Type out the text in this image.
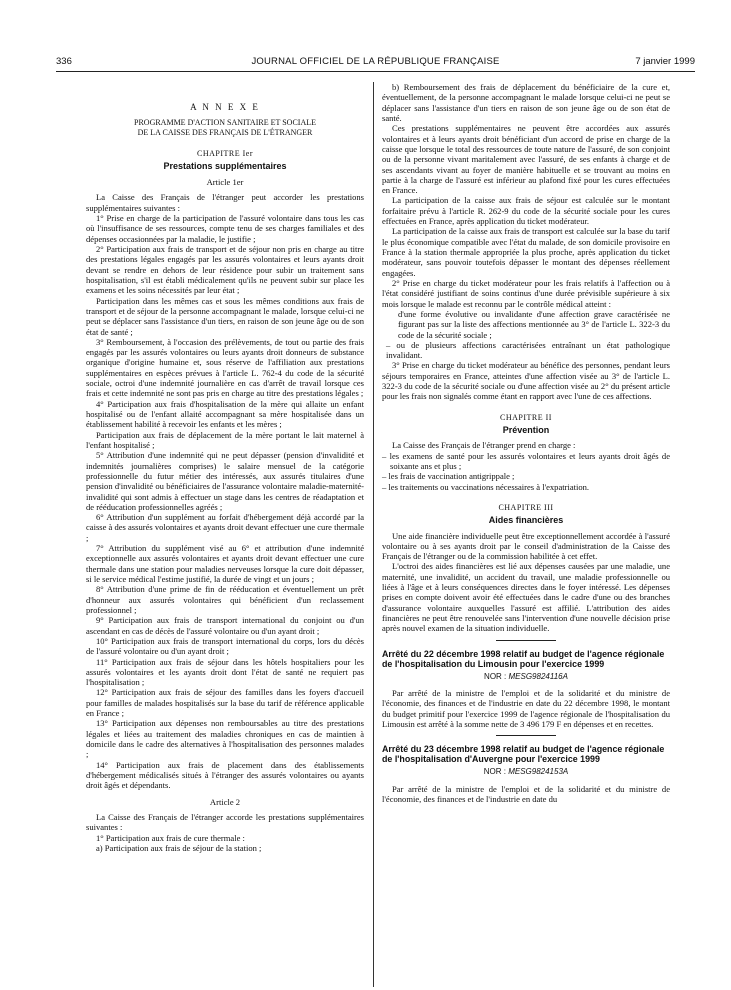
336	JOURNAL OFFICIEL DE LA RÉPUBLIQUE FRANÇAISE	7 janvier 1999

A N N E X E

PROGRAMME D'ACTION SANITAIRE ET SOCIALE

DE LA CAISSE DES FRANÇAIS DE L'ÉTRANGER

CHAPITRE Ier

Prestations supplémentaires

Article 1er

La Caisse des Français de l'étranger peut accorder les prestations supplémentaires suivantes :

1° Prise en charge de la participation de l'assuré volontaire dans tous les cas où l'insuffisance de ses ressources, compte tenu de ses charges familiales et des dépenses occasionnées par la maladie, le justifie ;

2° Participation aux frais de transport et de séjour non pris en charge au titre des prestations légales engagés par les assurés volontaires et leurs ayants droit devant se rendre en dehors de leur résidence pour subir un traitement sans hospitalisation, s'il est établi médicalement qu'ils ne peuvent subir sur place les examens et les soins nécessités par leur état ;

Participation dans les mêmes cas et sous les mêmes conditions aux frais de transport et de séjour de la personne accompagnant le malade, lorsque celui-ci ne peut se déplacer sans l'assistance d'un tiers, en raison de son jeune âge ou de son état de santé ;

3° Remboursement, à l'occasion des prélèvements, de tout ou partie des frais engagés par les assurés volontaires ou leurs ayants droit donneurs de substance organique d'origine humaine et, sous réserve de l'affiliation aux prestations supplémentaires en espèces prévues à l'article L. 762-4 du code de la sécurité sociale, octroi d'une indemnité journalière en cas d'arrêt de travail lorsque ces frais et cette indemnité ne sont pas pris en charge au titre des prestations légales ;

4° Participation aux frais d'hospitalisation de la mère qui allaite un enfant hospitalisé ou de l'enfant allaité accompagnant sa mère hospitalisée dans un établissement habilité à recevoir les enfants et les mères ;

Participation aux frais de déplacement de la mère portant le lait maternel à l'enfant hospitalisé ;

5° Attribution d'une indemnité qui ne peut dépasser (pension d'invalidité et indemnités journalières comprises) le salaire mensuel de la catégorie professionnelle du futur métier des intéressés, aux assurés titulaires d'une pension d'invalidité ou bénéficiaires de l'assurance volontaire maladie-maternité-invalidité qui sont admis à effectuer un stage dans les centres de réadaptation et de rééducation professionnelles agréés ;

6° Attribution d'un supplément au forfait d'hébergement déjà accordé par la caisse à des assurés volontaires et ayants droit devant effectuer une cure thermale ;

7° Attribution du supplément visé au 6° et attribution d'une indemnité exceptionnelle aux assurés volontaires et ayants droit devant effectuer une cure thermale dans une station pour maladies nerveuses lorsque la cure doit dépasser, si le service médical l'estime justifié, la durée de vingt et un jours ;

8° Attribution d'une prime de fin de rééducation et éventuellement un prêt d'honneur aux assurés volontaires qui bénéficient d'un reclassement professionnel ;

9° Participation aux frais de transport international du conjoint ou d'un ascendant en cas de décès de l'assuré volontaire ou d'un ayant droit ;

10° Participation aux frais de transport international du corps, lors du décès de l'assuré volontaire ou d'un ayant droit ;

11° Participation aux frais de séjour dans les hôtels hospitaliers pour les assurés volontaires et les ayants droit dont l'état de santé ne requiert pas l'hospitalisation ;

12° Participation aux frais de séjour des familles dans les foyers d'accueil pour familles de malades hospitalisés sur la base du tarif de référence applicable en France ;

13° Participation aux dépenses non remboursables au titre des prestations légales et liées au traitement des maladies chroniques en cas de maintien à domicile dans le cadre des alternatives à l'hospitalisation des personnes malades ;

14° Participation aux frais de placement dans des établissements d'hébergement médicalisés situés à l'étranger des assurés volontaires ou ayants droit âgés et dépendants.

Article 2

La Caisse des Français de l'étranger accorde les prestations supplémentaires suivantes :

1° Participation aux frais de cure thermale :

a) Participation aux frais de séjour de la station ;

b) Remboursement des frais de déplacement du bénéficiaire de la cure et, éventuellement, de la personne accompagnant le malade lorsque celui-ci ne peut se déplacer sans l'assistance d'un tiers en raison de son jeune âge ou de son état de santé.

Ces prestations supplémentaires ne peuvent être accordées aux assurés volontaires et à leurs ayants droit bénéficiant d'un accord de prise en charge de la caisse que lorsque le total des ressources de toute nature de l'assuré, de son conjoint ou de la personne vivant maritalement avec l'assuré, de ses enfants à charge et de ses ascendants vivant au foyer de manière habituelle et se trouvant au moins en partie à la charge de l'assuré est inférieur au plafond fixé pour les cures effectuées en France.

La participation de la caisse aux frais de séjour est calculée sur le montant forfaitaire prévu à l'article R. 262-9 du code de la sécurité sociale pour les cures effectuées en France, après application du ticket modérateur.

La participation de la caisse aux frais de transport est calculée sur la base du tarif le plus économique compatible avec l'état du malade, de son domicile provisoire en France à la station thermale appropriée la plus proche, après application du ticket modérateur, sans pouvoir toutefois dépasser le montant des dépenses réellement engagées.

2° Prise en charge du ticket modérateur pour les frais relatifs à l'affection ou à l'état considéré justifiant de soins continus d'une durée prévisible supérieure à six mois lorsque le malade est reconnu par le contrôle médical atteint :

d'une forme évolutive ou invalidante d'une affection grave caractérisée ne figurant pas sur la liste des affections mentionnée au 3° de l'article L. 322-3 du code de la sécurité sociale ;

– ou de plusieurs affections caractérisées entraînant un état pathologique invalidant.

3° Prise en charge du ticket modérateur au bénéfice des personnes, pendant leurs séjours temporaires en France, atteintes d'une affection visée au 3° de l'article L. 322-3 du code de la sécurité sociale ou d'une affection visée au 2° du présent article pour les frais non signalés comme étant en rapport avec l'une de ces affections.

CHAPITRE II

Prévention

La Caisse des Français de l'étranger prend en charge :

– les examens de santé pour les assurés volontaires et leurs ayants droit âgés de soixante ans et plus ;

– les frais de vaccination antigrippale ;

– les traitements ou vaccinations nécessaires à l'expatriation.

CHAPITRE III

Aides financières

Une aide financière individuelle peut être exceptionnellement accordée à l'assuré volontaire ou à ses ayants droit par le conseil d'administration de la Caisse des Français de l'étranger ou de la commission habilitée à cet effet.

L'octroi des aides financières est lié aux dépenses causées par une maladie, une maternité, une invalidité, un accident du travail, une maladie professionnelle ou liées à l'âge et à leurs conséquences directes dans le foyer intéressé. Les dépenses prises en compte doivent avoir été effectuées dans le cadre d'une ou des branches d'assurance volontaire auxquelles l'assuré est affilié. L'attribution des aides financières ne peut être renouvelée sans l'intervention d'une nouvelle décision prise après nouvel examen de la situation individuelle.

Arrêté du 22 décembre 1998 relatif au budget de l'agence régionale de l'hospitalisation du Limousin pour l'exercice 1999

NOR : MESG9824116A

Par arrêté de la ministre de l'emploi et de la solidarité et du ministre de l'économie, des finances et de l'industrie en date du 22 décembre 1998, le montant du budget primitif pour l'exercice 1999 de l'agence régionale de l'hospitalisation du Limousin est arrêté à la somme nette de 3 496 179 F en dépenses et en recettes.

Arrêté du 23 décembre 1998 relatif au budget de l'agence régionale de l'hospitalisation d'Auvergne pour l'exercice 1999

NOR : MESG9824153A

Par arrêté de la ministre de l'emploi et de la solidarité et du ministre de l'économie, des finances et de l'industrie en date du
